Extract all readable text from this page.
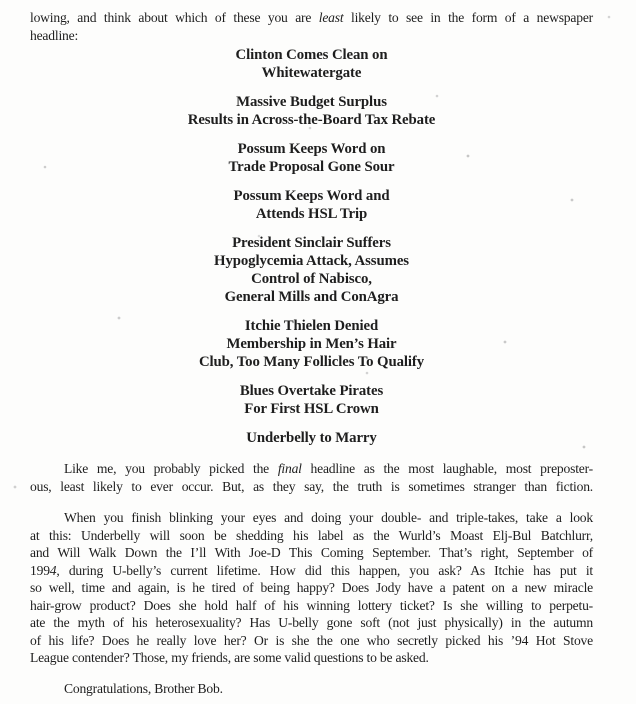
lowing, and think about which of these you are least likely to see in the form of a newspaper
headline:
Clinton Comes Clean on
Whitewatergate
Massive Budget Surplus
Results in Across-the-Board Tax Rebate
Possum Keeps Word on
Trade Proposal Gone Sour
Possum Keeps Word and
Attends HSL Trip
President Sinclair Suffers
Hypoglycemia Attack, Assumes
Control of Nabisco,
General Mills and ConAgra
Itchie Thielen Denied
Membership in Men’s Hair
Club, Too Many Follicles To Qualify
Blues Overtake Pirates
For First HSL Crown
Underbelly to Marry
Like me, you probably picked the final headline as the most laughable, most preposter-
ous, least likely to ever occur. But, as they say, the truth is sometimes stranger than fiction.
When you finish blinking your eyes and doing your double- and triple-takes, take a look
at this: Underbelly will soon be shedding his label as the Wurld’s Moast Elj-Bul Batchlurr,
and Will Walk Down the I’ll With Joe-D This Coming September. That’s right, September of
1994, during U-belly’s current lifetime. How did this happen, you ask? As Itchie has put it
so well, time and again, is he tired of being happy? Does Jody have a patent on a new miracle
hair-grow product? Does she hold half of his winning lottery ticket? Is she willing to perpetu-
ate the myth of his heterosexuality? Has U-belly gone soft (not just physically) in the autumn
of his life? Does he really love her? Or is she the one who secretly picked his ’94 Hot Stove
League contender? Those, my friends, are some valid questions to be asked.
Congratulations, Brother Bob.
